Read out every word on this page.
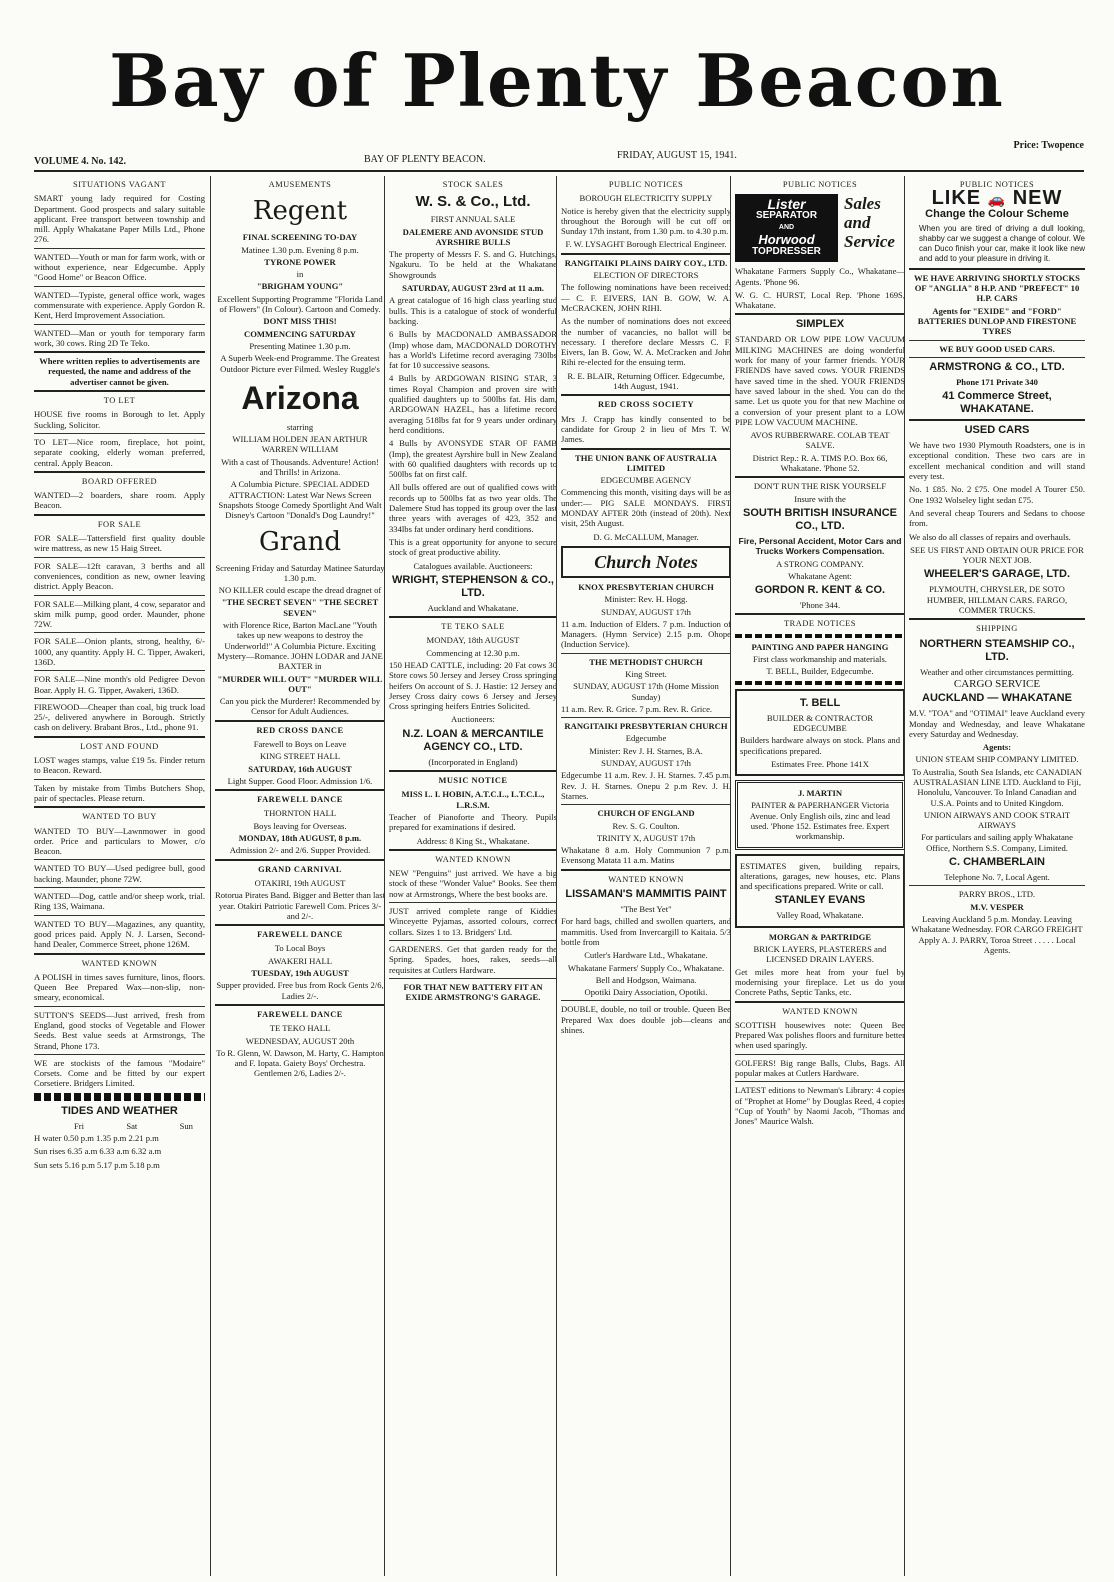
Bay of Plenty Beacon
VOLUME 4. No. 142.	BAY OF PLENTY BEACON.	FRIDAY, AUGUST 15, 1941.
Price: Twopence
SITUATIONS VAGANT
SMART young lady required for Costing Department. Good prospects and salary suitable applicant. Free transport between township and mill. Apply Whakatane Paper Mills Ltd., Phone 276.
WANTED—Youth or man for farm work, with or without experience, near Edgecumbe. Apply "Good Home" or Beacon Office.
WANTED—Typiste, general office work, wages commensurate with experience. Apply Gordon R. Kent, Herd Improvement Association.
WANTED—Man or youth for temporary farm work, 30 cows. Ring 2D Te Teko.
Where written replies to advertisements are requested, the name and address of the advertiser cannot be given.
TO LET
HOUSE five rooms in Borough to let. Apply Suckling, Solicitor.
TO LET—Nice room, fireplace, hot point, separate cooking, elderly woman preferred, central. Apply Beacon.
BOARD OFFERED
WANTED—2 boarders, share room. Apply Beacon.
FOR SALE
FOR SALE—Tattersfield first quality double wire mattress, as new 15 Haig Street.
FOR SALE—12ft caravan, 3 berths and all conveniences, condition as new, owner leaving district. Apply Beacon.
FOR SALE—Milking plant, 4 cow, separator and skim milk pump, good order. Maunder, phone 72W.
FOR SALE—Onion plants, strong, healthy, 6/- 1000, any quantity. Apply H. C. Tipper, Awakeri, 136D.
FOR SALE—Nine month's old Pedigree Devon Boar. Apply H. G. Tipper, Awakeri, 136D.
FIREWOOD—Cheaper than coal, big truck load 25/-, delivered anywhere in Borough. Strictly cash on delivery. Brabant Bros., Ltd., phone 91.
LOST AND FOUND
LOST wages stamps, value £19 5s. Finder return to Beacon. Reward.
Taken by mistake from Timbs Butchers Shop, pair of spectacles. Please return.
WANTED TO BUY
WANTED TO BUY—Lawnmower in good order. Price and particulars to Mower, c/o Beacon.
WANTED TO BUY—Used pedigree bull, good backing. Maunder, phone 72W.
WANTED—Dog, cattle and/or sheep work, trial. Ring 13S, Waimana.
WANTED TO BUY—Magazines, any quantity, good prices paid. Apply N. J. Larsen, Second-hand Dealer, Commerce Street, phone 126M.
WANTED KNOWN
A POLISH in times saves furniture, linos, floors. Queen Bee Prepared Wax—non-slip, non-smeary, economical.
SUTTON'S SEEDS—Just arrived, fresh from England, good stocks of Vegetable and Flower Seeds. Best value seeds at Armstrongs, The Strand, Phone 173.
WE are stockists of the famous "Modaire" Corsets. Come and be fitted by our expert Corsetiere. Bridgers Limited.
TIDES AND WEATHER
Fri	Sat	Sun
H water 0.50 p.m 1.35 p.m 2.21 p.m
Sun rises 6.35 a.m 6.33 a.m 6.32 a.m
Sun sets 5.16 p.m 5.17 p.m 5.18 p.m
AMUSEMENTS
Regent
FINAL SCREENING TO-DAY
Matinee 1.30 p.m. Evening 8 p.m.
TYRONE POWER
in
"BRIGHAM YOUNG"
Excellent Supporting Programme "Florida Land of Flowers" (In Colour). Cartoon and Comedy.
DONT MISS THIS!
COMMENCING SATURDAY
Presenting Matinee 1.30 p.m.
A Superb Week-end Programme. The Greatest Outdoor Picture ever Filmed. Wesley Ruggle's
Arizona
starring
WILLIAM HOLDEN JEAN ARTHUR WARREN WILLIAM
With a cast of Thousands. Adventure! Action! and Thrills! in Arizona.
A Columbia Picture. SPECIAL ADDED ATTRACTION: Latest War News Screen Snapshots Stooge Comedy Sportlight And Walt Disney's Cartoon "Donald's Dog Laundry!"
Grand
Screening Friday and Saturday Matinee Saturday 1.30 p.m.
NO KILLER could escape the dread dragnet of
"THE SECRET SEVEN" "THE SECRET SEVEN"
with Florence Rice, Barton MacLane "Youth takes up new weapons to destroy the Underworld!" A Columbia Picture. Exciting Mystery—Romance. JOHN LODAR and JANE BAXTER in
"MURDER WILL OUT" "MURDER WILL OUT"
Can you pick the Murderer! Recommended by Censor for Adult Audiences.
RED CROSS DANCE
Farewell to Boys on Leave
KING STREET HALL
SATURDAY, 16th AUGUST
Light Supper. Good Floor. Admission 1/6.
FAREWELL DANCE
THORNTON HALL
Boys leaving for Overseas.
MONDAY, 18th AUGUST, 8 p.m.
Admission 2/- and 2/6. Supper Provided.
GRAND CARNIVAL
OTAKIRI, 19th AUGUST
Rotorua Pirates Band. Bigger and Better than last year. Otakiri Patriotic Farewell Com. Prices 3/- and 2/-.
FAREWELL DANCE
To Local Boys
AWAKERI HALL
TUESDAY, 19th AUGUST
Supper provided. Free bus from Rock Gents 2/6, Ladies 2/-.
FAREWELL DANCE
TE TEKO HALL
WEDNESDAY, AUGUST 20th
To R. Glenn, W. Dawson, M. Harty, C. Hampton and F. Iopata. Gaiety Boys' Orchestra. Gentlemen 2/6, Ladies 2/-.
STOCK SALES
W. S. & Co., Ltd.
FIRST ANNUAL SALE
DALEMERE AND AVONSIDE STUD AYRSHIRE BULLS
The property of Messrs F. S. and G. Hutchings, Ngakuru. To be held at the Whakatane Showgrounds
SATURDAY, AUGUST 23rd at 11 a.m.
A great catalogue of 16 high class yearling stud bulls. This is a catalogue of stock of wonderful backing.
6 Bulls by MACDONALD AMBASSADOR (Imp) whose dam, MACDONALD DOROTHY has a World's Lifetime record averaging 730lbs fat for 10 successive seasons.
4 Bulls by ARDGOWAN RISING STAR, 3 times Royal Champion and proven sire with qualified daughters up to 500lbs fat. His dam, ARDGOWAN HAZEL, has a lifetime record averaging 518lbs fat for 9 years under ordinary herd conditions.
4 Bulls by AVONSYDE STAR OF FAMB (Imp), the greatest Ayrshire bull in New Zealand with 60 qualified daughters with records up to 500lbs fat on first calf.
All bulls offered are out of qualified cows with records up to 500lbs fat as two year olds. The Dalemere Stud has topped its group over the last three years with averages of 423, 352 and 334lbs fat under ordinary herd conditions.
This is a great opportunity for anyone to secure stock of great productive ability.
Catalogues available. Auctioneers:
WRIGHT, STEPHENSON & CO., LTD.
Auckland and Whakatane.
TE TEKO SALE
MONDAY, 18th AUGUST
Commencing at 12.30 p.m.
150 HEAD CATTLE, including: 20 Fat cows 30 Store cows 50 Jersey and Jersey Cross springing heifers On account of S. J. Hastie: 12 Jersey and Jersey Cross dairy cows 6 Jersey and Jersey Cross springing heifers Entries Solicited.
Auctioneers:
N.Z. LOAN & MERCANTILE AGENCY CO., LTD.
(Incorporated in England)
MUSIC NOTICE
MISS L. I. HOBIN, A.T.C.L., L.T.C.L., L.R.S.M.
Teacher of Pianoforte and Theory. Pupils prepared for examinations if desired.
Address: 8 King St., Whakatane.
WANTED KNOWN
NEW "Penguins" just arrived. We have a big stock of these "Wonder Value" Books. See them now at Armstrongs, Where the best books are.
JUST arrived complete range of Kiddies Winceyette Pyjamas, assorted colours, correct collars. Sizes 1 to 13. Bridgers' Ltd.
GARDENERS. Get that garden ready for the Spring. Spades, hoes, rakes, seeds—all requisites at Cutlers Hardware.
FOR THAT NEW BATTERY FIT AN EXIDE ARMSTRONG'S GARAGE.
PUBLIC NOTICES
BOROUGH ELECTRICITY SUPPLY
Notice is hereby given that the electricity supply throughout the Borough will be cut off on Sunday 17th instant, from 1.30 p.m. to 4.30 p.m.
F. W. LYSAGHT Borough Electrical Engineer.
RANGITAIKI PLAINS DAIRY COY., LTD.
ELECTION OF DIRECTORS
The following nominations have been received:— C. F. EIVERS, IAN B. GOW, W. A. McCRACKEN, JOHN RIHI.
As the number of nominations does not exceed the number of vacancies, no ballot will be necessary. I therefore declare Messrs C. F. Eivers, Ian B. Gow, W. A. McCracken and John Rihi re-elected for the ensuing term.
R. E. BLAIR, Returning Officer. Edgecumbe, 14th August, 1941.
RED CROSS SOCIETY
Mrs J. Crapp has kindly consented to be candidate for Group 2 in lieu of Mrs T. W. James.
THE UNION BANK OF AUSTRALIA LIMITED
EDGECUMBE AGENCY
Commencing this month, visiting days will be as under:— PIG SALE MONDAYS. FIRST MONDAY AFTER 20th (instead of 20th). Next visit, 25th August.
D. G. McCALLUM, Manager.
Church Notes
KNOX PRESBYTERIAN CHURCH
Minister: Rev. H. Hogg.
SUNDAY, AUGUST 17th
11 a.m. Induction of Elders. 7 p.m. Induction of Managers. (Hymn Service) 2.15 p.m. Ohope (Induction Service).
THE METHODIST CHURCH
King Street.
SUNDAY, AUGUST 17th (Home Mission Sunday)
11 a.m. Rev. R. Grice. 7 p.m. Rev. R. Grice.
RANGITAIKI PRESBYTERIAN CHURCH
Edgecumbe
Minister: Rev J. H. Starnes, B.A.
SUNDAY, AUGUST 17th
Edgecumbe 11 a.m. Rev. J. H. Starnes. 7.45 p.m. Rev. J. H. Starnes. Onepu 2 p.m Rev. J. H. Starnes.
CHURCH OF ENGLAND
Rev. S. G. Coulton.
TRINITY X, AUGUST 17th
Whakatane 8 a.m. Holy Communion 7 p.m. Evensong Matata 11 a.m. Matins
WANTED KNOWN
LISSAMAN'S MAMMITIS PAINT
"The Best Yet"
For hard bags, chilled and swollen quarters, and mammitis. Used from Invercargill to Kaitaia. 5/3 bottle from
Cutler's Hardware Ltd., Whakatane.
Whakatane Farmers' Supply Co., Whakatane.
Bell and Hodgson, Waimana.
Opotiki Dairy Association, Opotiki.
DOUBLE, double, no toil or trouble. Queen Bee Prepared Wax does double job—cleans and shines.
PUBLIC NOTICES
Lister
SEPARATOR
AND
Horwood
TOPDRESSER
Sales and Service
Whakatane Farmers Supply Co., Whakatane— Agents. 'Phone 96.
W. G. C. HURST, Local Rep. 'Phone 169S, Whakatane.
SIMPLEX
STANDARD OR LOW PIPE LOW VACUUM MILKING MACHINES are doing wonderful work for many of your farmer friends. YOUR FRIENDS have saved cows. YOUR FRIENDS have saved time in the shed. YOUR FRIENDS have saved labour in the shed. You can do the same. Let us quote you for that new Machine or a conversion of your present plant to a LOW PIPE LOW VACUUM MACHINE.
AVOS RUBBERWARE. COLAB TEAT SALVE.
District Rep.: R. A. TIMS P.O. Box 66, Whakatane. 'Phone 52.
DON'T RUN THE RISK YOURSELF
Insure with the
SOUTH BRITISH INSURANCE CO., LTD.
Fire, Personal Accident, Motor Cars and Trucks Workers Compensation.
A STRONG COMPANY.
Whakatane Agent:
GORDON R. KENT & CO.
'Phone 344.
TRADE NOTICES
PAINTING AND PAPER HANGING
First class workmanship and materials.
T. BELL, Builder, Edgecumbe.
T. BELL
BUILDER & CONTRACTOR EDGECUMBE
Builders hardware always on stock. Plans and specifications prepared.
Estimates Free. Phone 141X
J. MARTIN
PAINTER & PAPERHANGER Victoria Avenue. Only English oils, zinc and lead used. 'Phone 152. Estimates free. Expert workmanship.
ESTIMATES given, building repairs, alterations, garages, new houses, etc. Plans and specifications prepared. Write or call.
STANLEY EVANS
Valley Road, Whakatane.
MORGAN & PARTRIDGE
BRICK LAYERS, PLASTERERS and LICENSED DRAIN LAYERS.
Get miles more heat from your fuel by modernising your fireplace. Let us do your Concrete Paths, Septic Tanks, etc.
WANTED KNOWN
SCOTTISH housewives note: Queen Bee Prepared Wax polishes floors and furniture better when used sparingly.
GOLFERS! Big range Balls, Clubs, Bags. All popular makes at Cutlers Hardware.
LATEST editions to Newman's Library: 4 copies of "Prophet at Home" by Douglas Reed, 4 copies "Cup of Youth" by Naomi Jacob, "Thomas and Jones" Maurice Walsh.
PUBLIC NOTICES
LIKE 🚗 NEW
Change the Colour Scheme
When you are tired of driving a dull looking, shabby car we suggest a change of colour. We can Duco finish your car, make it look like new and add to your pleasure in driving it.
WE HAVE ARRIVING SHORTLY STOCKS OF "ANGLIA" 8 H.P. AND "PREFECT" 10 H.P. CARS
Agents for "EXIDE" and "FORD" BATTERIES DUNLOP AND FIRESTONE TYRES
WE BUY GOOD USED CARS.
ARMSTRONG & CO., LTD.
Phone 171 Private 340
41 Commerce Street, WHAKATANE.
USED CARS
We have two 1930 Plymouth Roadsters, one is in exceptional condition. These two cars are in excellent mechanical condition and will stand every test.
No. 1 £85. No. 2 £75. One model A Tourer £50. One 1932 Wolseley light sedan £75.
And several cheap Tourers and Sedans to choose from.
We also do all classes of repairs and overhauls.
SEE US FIRST AND OBTAIN OUR PRICE FOR YOUR NEXT JOB.
WHEELER'S GARAGE, LTD.
PLYMOUTH, CHRYSLER, DE SOTO HUMBER, HILLMAN CARS. FARGO, COMMER TRUCKS.
SHIPPING
NORTHERN STEAMSHIP CO., LTD.
Weather and other circumstances permitting.
CARGO SERVICE
AUCKLAND — WHAKATANE
M.V. "TOA" and "OTIMAI" leave Auckland every Monday and Wednesday, and leave Whakatane every Saturday and Wednesday.
Agents:
UNION STEAM SHIP COMPANY LIMITED.
To Australia, South Sea Islands, etc CANADIAN AUSTRALASIAN LINE LTD. Auckland to Fiji, Honolulu, Vancouver. To Inland Canadian and U.S.A. Points and to United Kingdom.
UNION AIRWAYS AND COOK STRAIT AIRWAYS
For particulars and sailing apply Whakatane Office, Northern S.S. Company, Limited.
C. CHAMBERLAIN
Telephone No. 7, Local Agent.
PARRY BROS., LTD.
M.V. VESPER
Leaving Auckland 5 p.m. Monday. Leaving Whakatane Wednesday. FOR CARGO FREIGHT Apply A. J. PARRY, Toroa Street . . . . . Local Agents.
